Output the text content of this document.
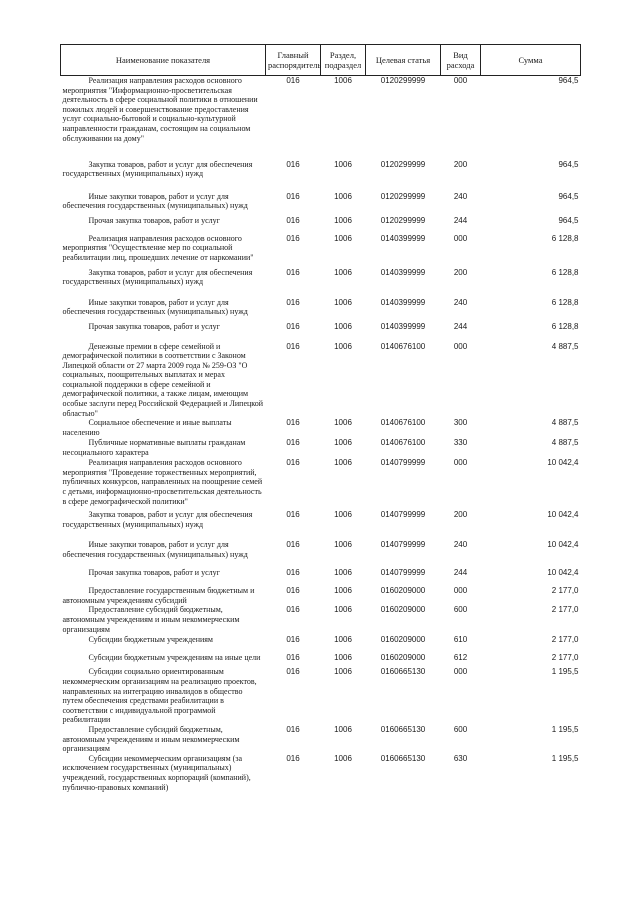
Наименование показателя	Главный распорядитель	Раздел, подраздел	Целевая статья	Вид расхода	Сумма
Реализация направления расходов основного мероприятия "Информационно-просветительская деятельность в сфере социальной политики в отношении пожилых людей и совершенствование предоставления услуг социально-бытовой и социально-культурной направленности гражданам, состоящим на социальном обслуживании на дому"	016	1006	0120299999	000	964,5
Закупка товаров, работ и услуг для обеспечения государственных (муниципальных) нужд	016	1006	0120299999	200	964,5
Иные закупки товаров, работ и услуг для обеспечения государственных (муниципальных) нужд	016	1006	0120299999	240	964,5
Прочая закупка товаров, работ и услуг	016	1006	0120299999	244	964,5
Реализация направления расходов основного мероприятия "Осуществление мер по социальной реабилитации лиц, прошедших лечение от наркомании"	016	1006	0140399999	000	6 128,8
Закупка товаров, работ и услуг для обеспечения государственных (муниципальных) нужд	016	1006	0140399999	200	6 128,8
Иные закупки товаров, работ и услуг для обеспечения государственных (муниципальных) нужд	016	1006	0140399999	240	6 128,8
Прочая закупка товаров, работ и услуг	016	1006	0140399999	244	6 128,8
Денежные премии в сфере семейной и демографической политики в соответствии с Законом Липецкой области от 27 марта 2009 года № 259-ОЗ "О социальных, поощрительных выплатах и мерах социальной поддержки в сфере семейной и демографической политики, а также лицам, имеющим особые заслуги перед Российской Федерацией и Липецкой областью"	016	1006	0140676100	000	4 887,5
Социальное обеспечение и иные выплаты населению	016	1006	0140676100	300	4 887,5
Публичные нормативные выплаты гражданам несоциального характера	016	1006	0140676100	330	4 887,5
Реализация направления расходов основного мероприятия "Проведение торжественных мероприятий, публичных конкурсов, направленных на поощрение семей с детьми, информационно-просветительская деятельность в сфере демографической политики"	016	1006	0140799999	000	10 042,4
Закупка товаров, работ и услуг для обеспечения государственных (муниципальных) нужд	016	1006	0140799999	200	10 042,4
Иные закупки товаров, работ и услуг для обеспечения государственных (муниципальных) нужд	016	1006	0140799999	240	10 042,4
Прочая закупка товаров, работ и услуг	016	1006	0140799999	244	10 042,4
Предоставление государственным бюджетным и автономным учреждениям субсидий	016	1006	0160209000	000	2 177,0
Предоставление субсидий бюджетным, автономным учреждениям и иным некоммерческим организациям	016	1006	0160209000	600	2 177,0
Субсидии бюджетным учреждениям	016	1006	0160209000	610	2 177,0
Субсидии бюджетным учреждениям на иные цели	016	1006	0160209000	612	2 177,0
Субсидии социально ориентированным некоммерческим организациям на реализацию проектов, направленных на интеграцию инвалидов в общество путем обеспечения средствами реабилитации в соответствии с индивидуальной программой реабилитации	016	1006	0160665130	000	1 195,5
Предоставление субсидий бюджетным, автономным учреждениям и иным некоммерческим организациям	016	1006	0160665130	600	1 195,5
Субсидии некоммерческим организациям (за исключением государственных (муниципальных) учреждений, государственных корпораций (компаний), публично-правовых компаний)	016	1006	0160665130	630	1 195,5
